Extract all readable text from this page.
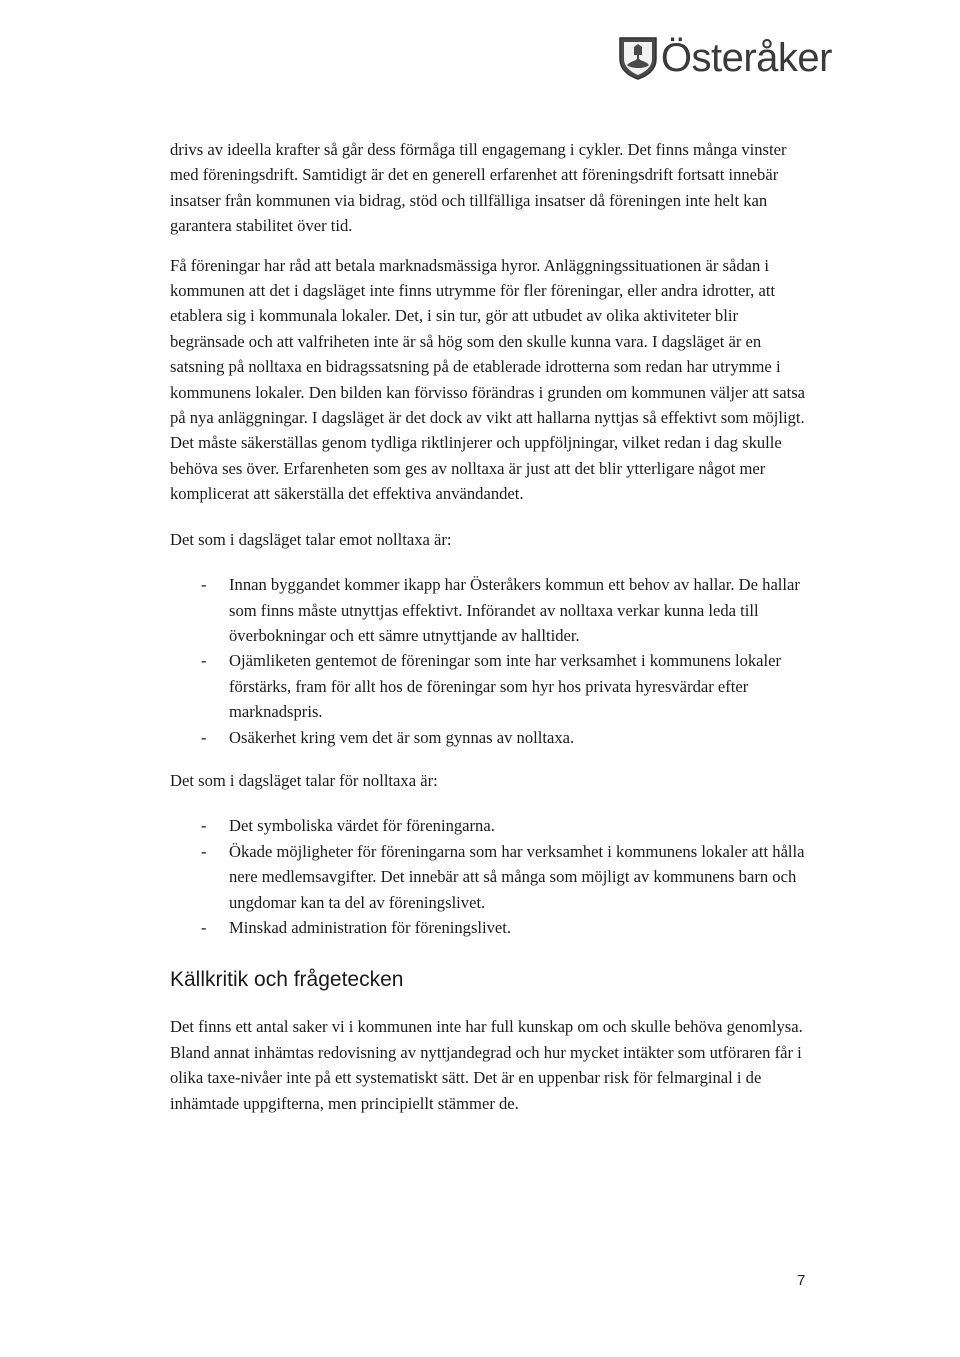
Österåker

drivs av ideella krafter så går dess förmåga till engagemang i cykler. Det finns många vinster med föreningsdrift. Samtidigt är det en generell erfarenhet att föreningsdrift fortsatt innebär insatser från kommunen via bidrag, stöd och tillfälliga insatser då föreningen inte helt kan garantera stabilitet över tid.

Få föreningar har råd att betala marknadsmässiga hyror. Anläggningssituationen är sådan i kommunen att det i dagsläget inte finns utrymme för fler föreningar, eller andra idrotter, att etablera sig i kommunala lokaler. Det, i sin tur, gör att utbudet av olika aktiviteter blir begränsade och att valfriheten inte är så hög som den skulle kunna vara. I dagsläget är en satsning på nolltaxa en bidragssatsning på de etablerade idrotterna som redan har utrymme i kommunens lokaler. Den bilden kan förvisso förändras i grunden om kommunen väljer att satsa på nya anläggningar. I dagsläget är det dock av vikt att hallarna nyttjas så effektivt som möjligt. Det måste säkerställas genom tydliga riktlinjerer och uppföljningar, vilket redan i dag skulle behöva ses över. Erfarenheten som ges av nolltaxa är just att det blir ytterligare något mer komplicerat att säkerställa det effektiva användandet.

Det som i dagsläget talar emot nolltaxa är:

- Innan byggandet kommer ikapp har Österåkers kommun ett behov av hallar. De hallar som finns måste utnyttjas effektivt. Införandet av nolltaxa verkar kunna leda till överbokningar och ett sämre utnyttjande av halltider.
- Ojämliketen gentemot de föreningar som inte har verksamhet i kommunens lokaler förstärks, fram för allt hos de föreningar som hyr hos privata hyresvärdar efter marknadspris.
- Osäkerhet kring vem det är som gynnas av nolltaxa.

Det som i dagsläget talar för nolltaxa är:

- Det symboliska värdet för föreningarna.
- Ökade möjligheter för föreningarna som har verksamhet i kommunens lokaler att hålla nere medlemsavgifter. Det innebär att så många som möjligt av kommunens barn och ungdomar kan ta del av föreningslivet.
- Minskad administration för föreningslivet.
Källkritik och frågetecken

Det finns ett antal saker vi i kommunen inte har full kunskap om och skulle behöva genomlysa. Bland annat inhämtas redovisning av nyttjandegrad och hur mycket intäkter som utföraren får i olika taxe-nivåer inte på ett systematiskt sätt. Det är en uppenbar risk för felmarginal i de inhämtade uppgifterna, men principiellt stämmer de.

7
